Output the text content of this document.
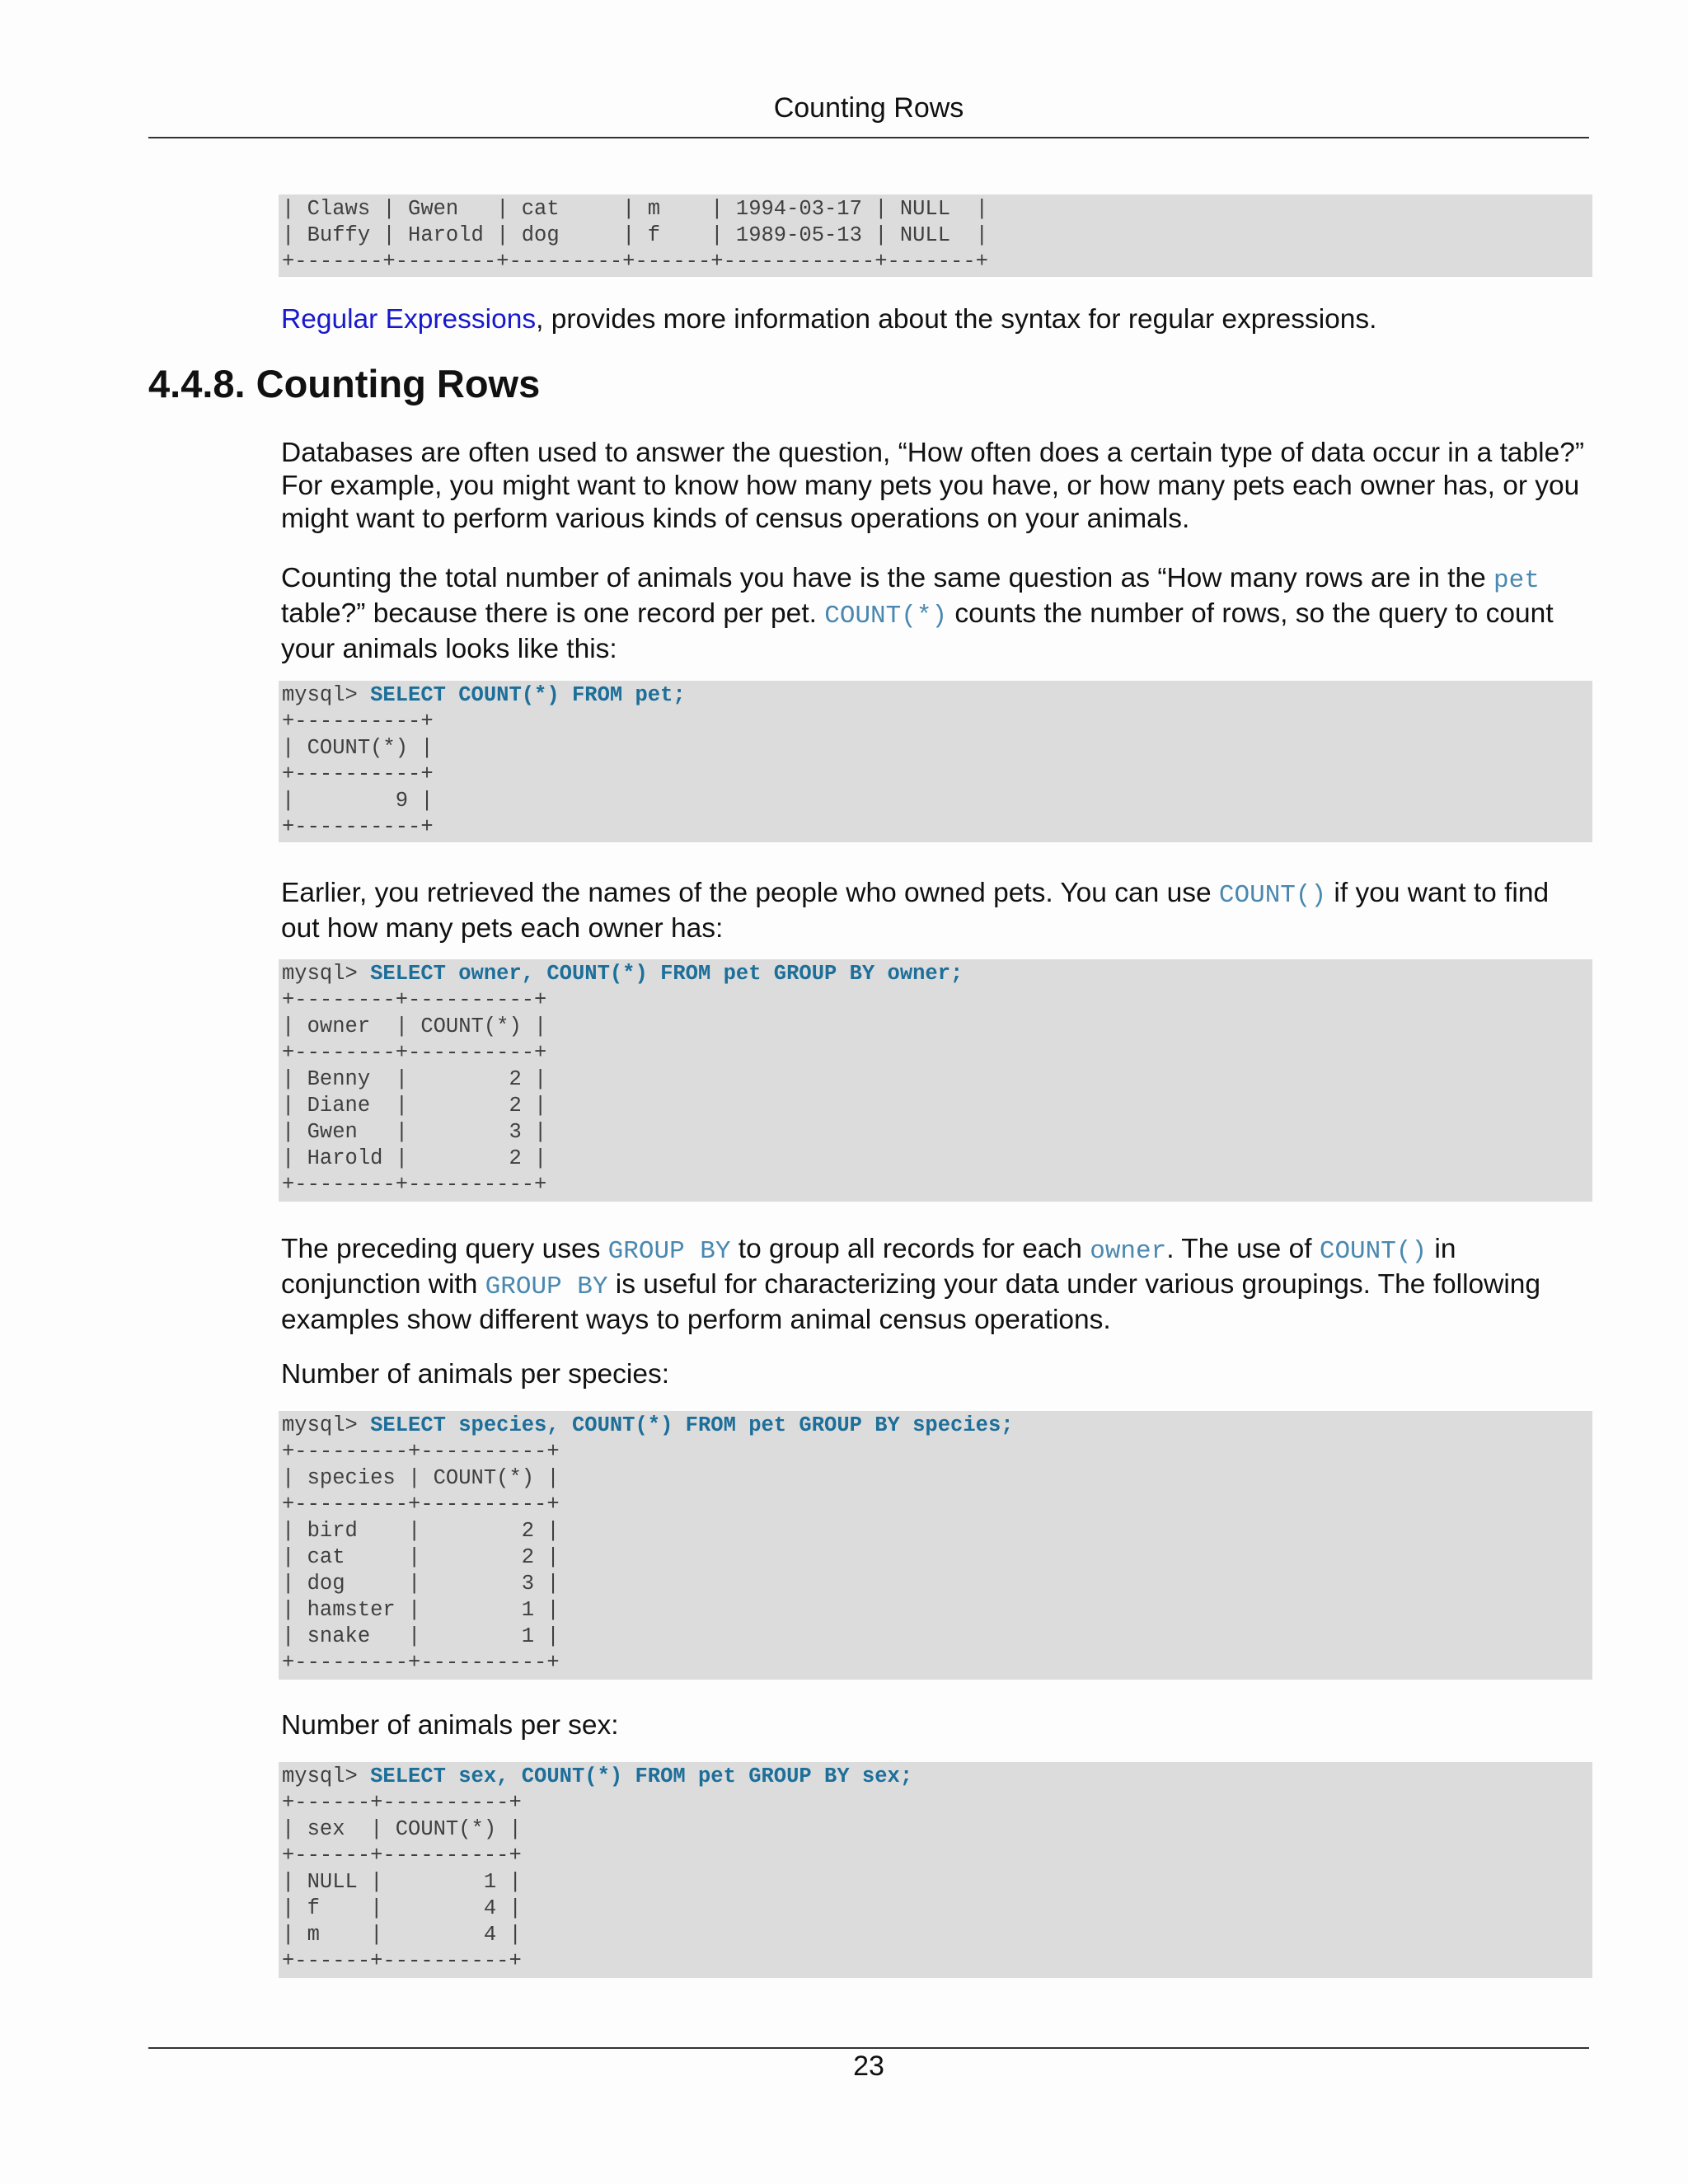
Counting Rows
| Claws | Gwen   | cat     | m    | 1994-03-17 | NULL  |
| Buffy | Harold | dog     | f    | 1989-05-13 | NULL  |
+-------+--------+---------+------+------------+-------+

Regular Expressions, provides more information about the syntax for regular expressions.

4.4.8. Counting Rows

Databases are often used to answer the question, “How often does a certain type of data occur in a table?” For example, you might want to know how many pets you have, or how many pets each owner has, or you might want to perform various kinds of census operations on your animals.

Counting the total number of animals you have is the same question as “How many rows are in the pet table?” because there is one record per pet. COUNT(*) counts the number of rows, so the query to count your animals looks like this:

mysql> SELECT COUNT(*) FROM pet;
+----------+
| COUNT(*) |
+----------+
|        9 |
+----------+

Earlier, you retrieved the names of the people who owned pets. You can use COUNT() if you want to find out how many pets each owner has:

mysql> SELECT owner, COUNT(*) FROM pet GROUP BY owner;
+--------+----------+
| owner  | COUNT(*) |
+--------+----------+
| Benny  |        2 |
| Diane  |        2 |
| Gwen   |        3 |
| Harold |        2 |
+--------+----------+

The preceding query uses GROUP BY to group all records for each owner. The use of COUNT() in conjunction with GROUP BY is useful for characterizing your data under various groupings. The following examples show different ways to perform animal census operations.

Number of animals per species:

mysql> SELECT species, COUNT(*) FROM pet GROUP BY species;
+---------+----------+
| species | COUNT(*) |
+---------+----------+
| bird    |        2 |
| cat     |        2 |
| dog     |        3 |
| hamster |        1 |
| snake   |        1 |
+---------+----------+

Number of animals per sex:

mysql> SELECT sex, COUNT(*) FROM pet GROUP BY sex;
+------+----------+
| sex  | COUNT(*) |
+------+----------+
| NULL |        1 |
| f    |        4 |
| m    |        4 |
+------+----------+
23
